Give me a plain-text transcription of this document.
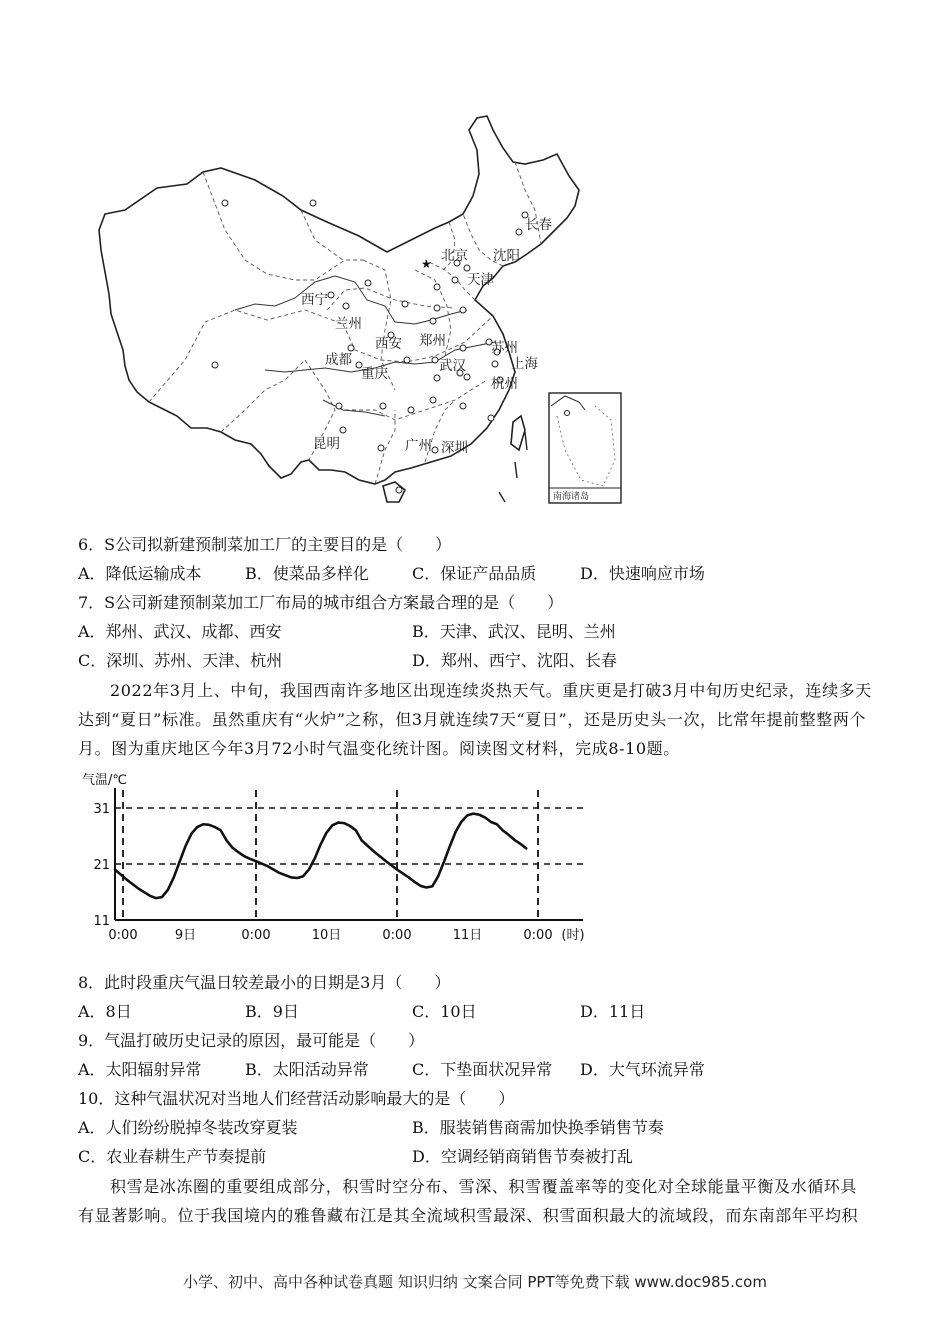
★ 北京 沈阳
长春
天津
西宁
兰州
郑州	苏州
上海
西安
成都	武汉
重庆
杭州
昆明	广州 深圳
南海诸岛
6．S公司拟新建预制菜加工厂的主要目的是（　　）
A．降低运输成本	B．使菜品多样化	C．保证产品品质	D．快速响应市场
7．S公司新建预制菜加工厂布局的城市组合方案最合理的是（　　）
A．郑州、武汉、成都、西安	B．天津、武汉、昆明、兰州
C．深圳、苏州、天津、杭州	D．郑州、西宁、沈阳、长春
2022年3月上、中旬，我国西南许多地区出现连续炎热天气。重庆更是打破3月中旬历史纪录，连续多天达到“夏日”标准。虽然重庆有“火炉”之称，但3月就连续7天“夏日”，还是历史头一次，比常年提前整整两个月。图为重庆地区今年3月72小时气温变化统计图。阅读图文材料，完成8-10题。
气温/℃
11
21
31
0:00	9日	0:00	10日	0:00	11日	0:00 (时)
8．此时段重庆气温日较差最小的日期是3月（　　）
A．8日	B．9日	C．10日	D．11日
9．气温打破历史记录的原因，最可能是（　　）
A．太阳辐射异常	B．太阳活动异常	C．下垫面状况异常 D．大气环流异常
10．这种气温状况对当地人们经营活动影响最大的是（　　）
A．人们纷纷脱掉冬装改穿夏装	B．服装销售商需加快换季销售节奏
C．农业春耕生产节奏提前	D．空调经销商销售节奏被打乱
积雪是冰冻圈的重要组成部分，积雪时空分布、雪深、积雪覆盖率等的变化对全球能量平衡及水循环具有显著影响。位于我国境内的雅鲁藏布江是其全流域积雪最深、积雪面积最大的流域段，而东南部年平均积
小学、初中、高中各种试卷真题 知识归纳 文案合同 PPT等免费下载 www.doc985.com
